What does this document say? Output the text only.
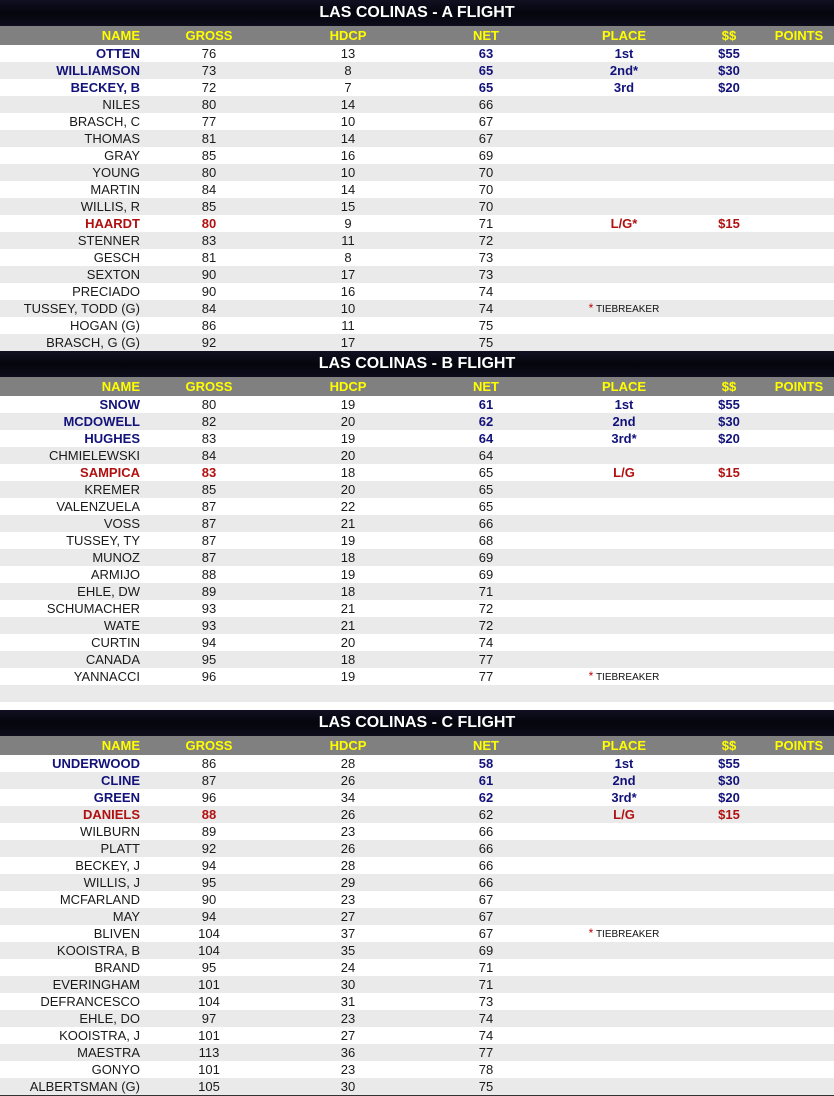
LAS COLINAS - A FLIGHT
NAME	GROSS	HDCP	NET	PLACE	$$	POINTS
OTTEN	76	13	63	1st	$55
WILLIAMSON	73	8	65	2nd*	$30
BECKEY, B	72	7	65	3rd	$20
NILES	80	14	66
BRASCH, C	77	10	67
THOMAS	81	14	67
GRAY	85	16	69
YOUNG	80	10	70
MARTIN	84	14	70
WILLIS, R	85	15	70
HAARDT	80	9	71	L/G*	$15
STENNER	83	11	72
GESCH	81	8	73
SEXTON	90	17	73
PRECIADO	90	16	74
TUSSEY, TODD (G)	84	10	74	* TIEBREAKER
HOGAN (G)	86	11	75
BRASCH, G (G)	92	17	75
LAS COLINAS - B FLIGHT
NAME	GROSS	HDCP	NET	PLACE	$$	POINTS
SNOW	80	19	61	1st	$55
MCDOWELL	82	20	62	2nd	$30
HUGHES	83	19	64	3rd*	$20
CHMIELEWSKI	84	20	64
SAMPICA	83	18	65	L/G	$15
KREMER	85	20	65
VALENZUELA	87	22	65
VOSS	87	21	66
TUSSEY, TY	87	19	68
MUNOZ	87	18	69
ARMIJO	88	19	69
EHLE, DW	89	18	71
SCHUMACHER	93	21	72
WATE	93	21	72
CURTIN	94	20	74
CANADA	95	18	77
YANNACCI	96	19	77	* TIEBREAKER
LAS COLINAS - C FLIGHT
NAME	GROSS	HDCP	NET	PLACE	$$	POINTS
UNDERWOOD	86	28	58	1st	$55
CLINE	87	26	61	2nd	$30
GREEN	96	34	62	3rd*	$20
DANIELS	88	26	62	L/G	$15
WILBURN	89	23	66
PLATT	92	26	66
BECKEY, J	94	28	66
WILLIS, J	95	29	66
MCFARLAND	90	23	67
MAY	94	27	67
BLIVEN	104	37	67	* TIEBREAKER
KOOISTRA, B	104	35	69
BRAND	95	24	71
EVERINGHAM	101	30	71
DEFRANCESCO	104	31	73
EHLE, DO	97	23	74
KOOISTRA, J	101	27	74
MAESTRA	113	36	77
GONYO	101	23	78
ALBERTSMAN (G)	105	30	75
